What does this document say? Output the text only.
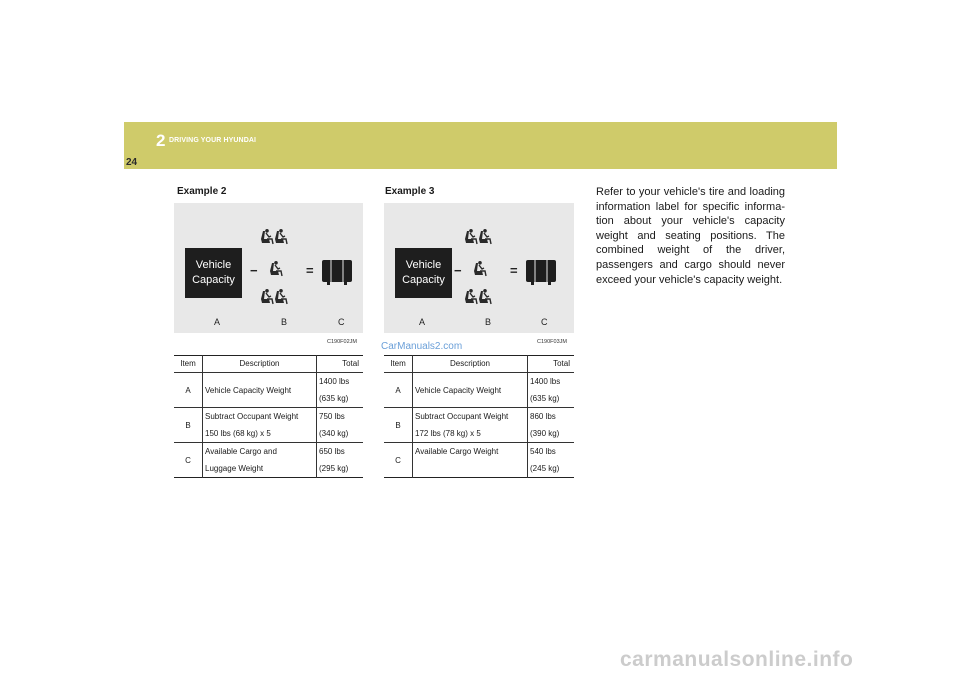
2 DRIVING YOUR HYUNDAI
24
Example 2
Vehicle
Capacity
−	=
A	B	C
C190F02JM
Item	Description	Total
A	Vehicle Capacity Weight	1400 lbs
(635 kg)

B	Subtract Occupant Weight
150 lbs (68 kg) x 5	750 lbs
(340 kg)

C	Available Cargo and
Luggage Weight	650 lbs
(295 kg)
Example 3
Vehicle
Capacity
−	=
A	B	C
C190F03JM
CarManuals2.com
Item	Description	Total
A	Vehicle Capacity Weight	1400 lbs
(635 kg)

B	Subtract Occupant Weight
172 lbs (78 kg) x 5	860 lbs
(390 kg)

C	Available Cargo Weight	540 lbs
(245 kg)
Refer to your vehicle's tire and loading information label for specific informa-tion about your vehicle's capacity weight and seating positions. The combined weight of the driver, passengers and cargo should never exceed your vehicle's capacity weight.
carmanualsonline.info
